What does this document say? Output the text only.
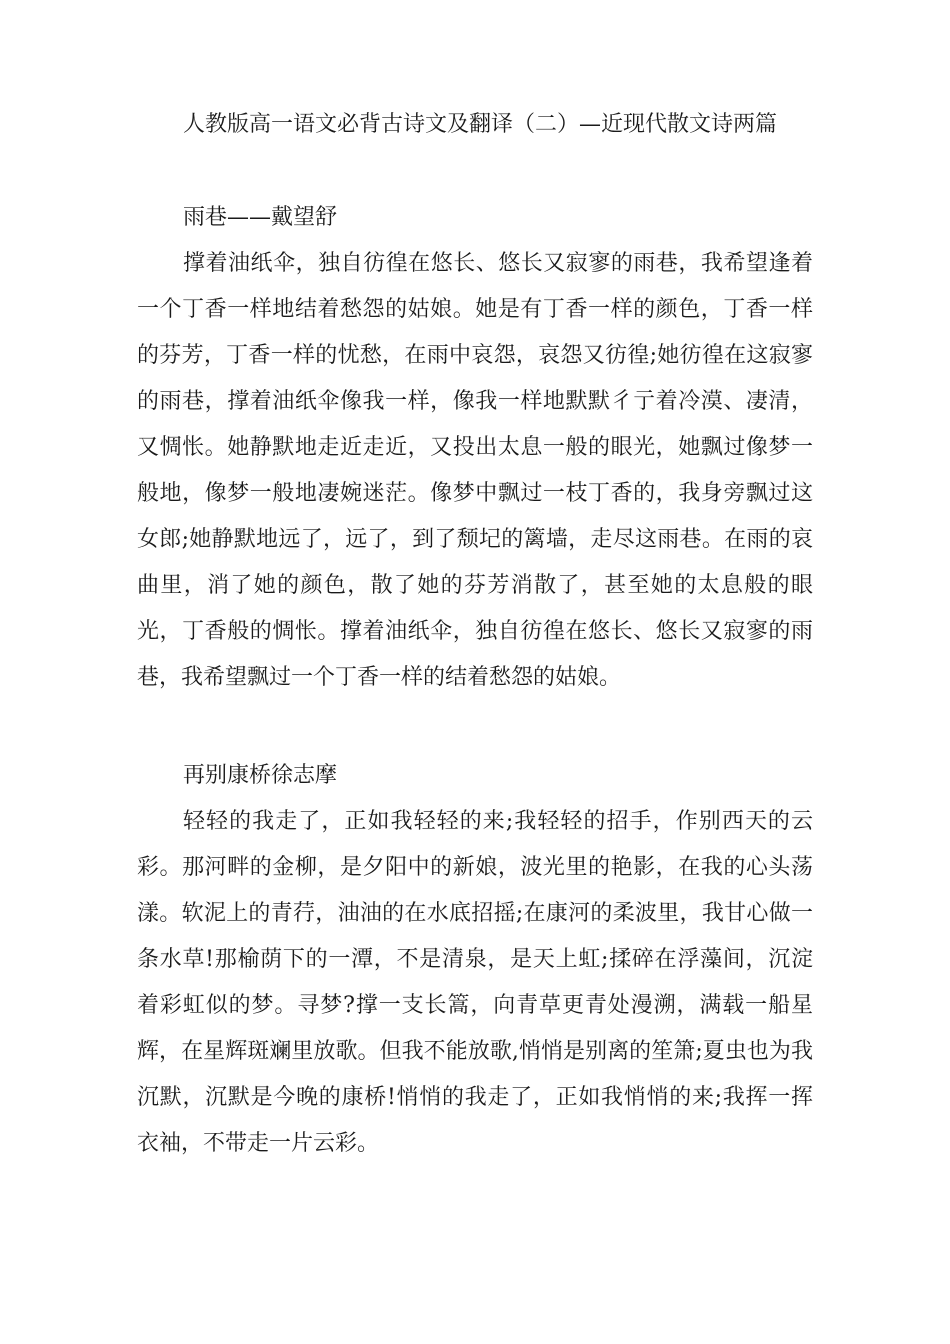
人教版高一语文必背古诗文及翻译（二）—近现代散文诗两篇

雨巷——戴望舒

撑着油纸伞，独自彷徨在悠长、悠长又寂寥的雨巷，我希望逢着一个丁香一样地结着愁怨的姑娘。她是有丁香一样的颜色，丁香一样的芬芳，丁香一样的忧愁，在雨中哀怨，哀怨又彷徨;她彷徨在这寂寥的雨巷，撑着油纸伞像我一样，像我一样地默默彳亍着冷漠、凄清，又惆怅。她静默地走近走近，又投出太息一般的眼光，她飘过像梦一般地，像梦一般地凄婉迷茫。像梦中飘过一枝丁香的，我身旁飘过这女郎;她静默地远了，远了，到了颓圮的篱墙，走尽这雨巷。在雨的哀曲里，消了她的颜色，散了她的芬芳消散了，甚至她的太息般的眼光，丁香般的惆怅。撑着油纸伞，独自彷徨在悠长、悠长又寂寥的雨巷，我希望飘过一个丁香一样的结着愁怨的姑娘。

再别康桥徐志摩

轻轻的我走了，正如我轻轻的来;我轻轻的招手，作别西天的云彩。那河畔的金柳，是夕阳中的新娘，波光里的艳影，在我的心头荡漾。软泥上的青荇，油油的在水底招摇;在康河的柔波里，我甘心做一条水草!那榆荫下的一潭，不是清泉，是天上虹;揉碎在浮藻间，沉淀着彩虹似的梦。寻梦?撑一支长篙，向青草更青处漫溯，满载一船星辉，在星辉斑斓里放歌。但我不能放歌,悄悄是别离的笙箫;夏虫也为我沉默，沉默是今晚的康桥!悄悄的我走了，正如我悄悄的来;我挥一挥衣袖，不带走一片云彩。
